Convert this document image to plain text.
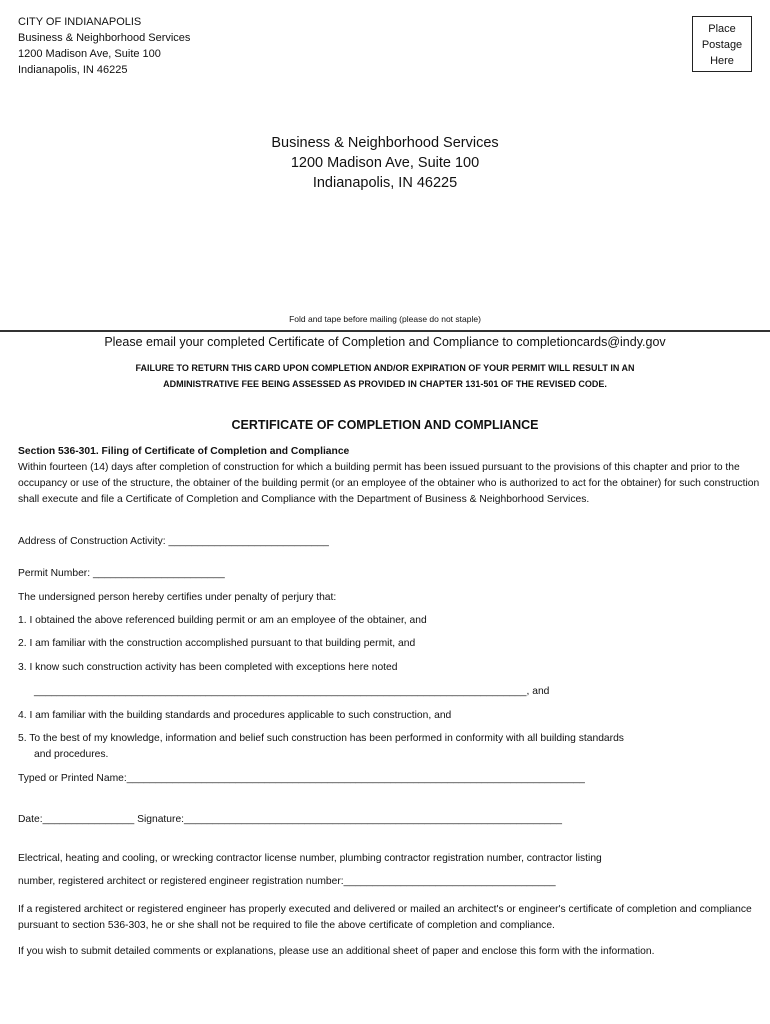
CITY OF INDIANAPOLIS
Business & Neighborhood Services
1200 Madison Ave, Suite 100
Indianapolis, IN 46225
Place
Postage
Here
Business & Neighborhood Services
1200 Madison Ave, Suite 100
Indianapolis, IN 46225
Fold and tape before mailing (please do not staple)
Please email your completed Certificate of Completion and Compliance to completioncards@indy.gov
FAILURE TO RETURN THIS CARD UPON COMPLETION AND/OR EXPIRATION OF YOUR PERMIT WILL RESULT IN AN
ADMINISTRATIVE FEE BEING ASSESSED AS PROVIDED IN CHAPTER 131-501 OF THE REVISED CODE.
CERTIFICATE OF COMPLETION AND COMPLIANCE
Section 536-301. Filing of Certificate of Completion and Compliance
Within fourteen (14) days after completion of construction for which a building permit has been issued pursuant to the provisions of this chapter and prior to the occupancy or use of the structure, the obtainer of the building permit (or an employee of the obtainer who is authorized to act for the obtainer) for such construction shall execute and file a Certificate of Completion and Compliance with the Department of Business & Neighborhood Services.
Address of Construction Activity: ____________________________
Permit Number: _______________________
The undersigned person hereby certifies under penalty of perjury that:
1. I obtained the above referenced building permit or am an employee of the obtainer, and
2. I am familiar with the construction accomplished pursuant to that building permit, and
3. I know such construction activity has been completed with exceptions here noted
______________________________________________________________________________________, and
4. I am familiar with the building standards and procedures applicable to such construction, and
5. To the best of my knowledge, information and belief such construction has been performed in conformity with all building standards
and procedures.
Typed or Printed Name:________________________________________________________________________________
Date:________________ Signature:__________________________________________________________________
Electrical, heating and cooling, or wrecking contractor license number, plumbing contractor registration number, contractor listing
number, registered architect or registered engineer registration number:_____________________________________
If a registered architect or registered engineer has properly executed and delivered or mailed an architect's or engineer's certificate of completion and compliance pursuant to section 536-303, he or she shall not be required to file the above certificate of completion and compliance.
If you wish to submit detailed comments or explanations, please use an additional sheet of paper and enclose this form with the information.
